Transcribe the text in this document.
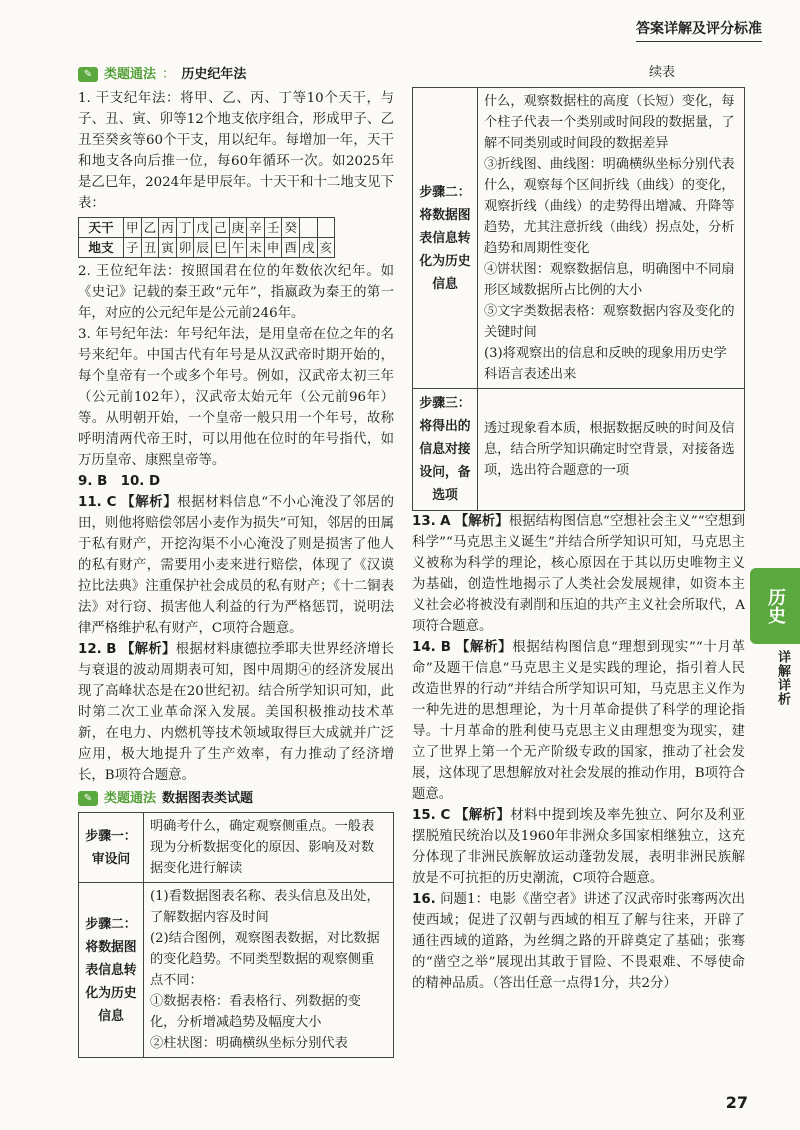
答案详解及评分标准
✎ 类题通法 ： 历史纪年法

1. 干支纪年法：将甲、乙、丙、丁等10个天干，与子、丑、寅、卯等12个地支依序组合，形成甲子、乙丑至癸亥等60个干支，用以纪年。每增加一年，天干和地支各向后推一位，每60年循环一次。如2025年是乙巳年，2024年是甲辰年。十天干和十二地支见下表：

天干	甲	乙	丙	丁	戊	己	庚	辛	壬	癸		
地支	子	丑	寅	卯	辰	巳	午	未	申	酉	戌	亥

2. 王位纪年法：按照国君在位的年数依次纪年。如《史记》记载的秦王政“元年”，指嬴政为秦王的第一年，对应的公元纪年是公元前246年。

3. 年号纪年法：年号纪年法，是用皇帝在位之年的名号来纪年。中国古代有年号是从汉武帝时期开始的，每个皇帝有一个或多个年号。例如，汉武帝太初三年（公元前102年），汉武帝太始元年（公元前96年）等。从明朝开始，一个皇帝一般只用一个年号，故称呼明清两代帝王时，可以用他在位时的年号指代，如万历皇帝、康熙皇帝等。

9. B　10. D

11. C 【解析】根据材料信息“不小心淹没了邻居的田，则他将赔偿邻居小麦作为损失”可知，邻居的田属于私有财产，开挖沟渠不小心淹没了则是损害了他人的私有财产，需要用小麦来进行赔偿，体现了《汉谟拉比法典》注重保护社会成员的私有财产；《十二铜表法》对行窃、损害他人利益的行为严格惩罚，说明法律严格维护私有财产，C项符合题意。

12. B 【解析】根据材料康德拉季耶夫世界经济增长与衰退的波动周期表可知，图中周期④的经济发展出现了高峰状态是在20世纪初。结合所学知识可知，此时第二次工业革命深入发展。美国积极推动技术革新，在电力、内燃机等技术领域取得巨大成就并广泛应用，极大地提升了生产效率，有力推动了经济增长，B项符合题意。

✎ 类题通法 数据图表类试题
步骤一：审设问	明确考什么，确定观察侧重点。一般表现为分析数据变化的原因、影响及对数据变化进行解读

步骤二：将数据图表信息转化为历史信息	(1)看数据图表名称、表头信息及出处，了解数据内容及时间
(2)结合图例，观察图表数据，对比数据的变化趋势。不同类型数据的观察侧重点不同：
①数据表格：看表格行、列数据的变化，分析增减趋势及幅度大小
②柱状图：明确横纵坐标分别代表
续表
步骤二：将数据图表信息转化为历史信息	什么，观察数据柱的高度（长短）变化，每个柱子代表一个类别或时间段的数据量，了解不同类别或时间段的数据差异
③折线图、曲线图：明确横纵坐标分别代表什么，观察每个区间折线（曲线）的变化，观察折线（曲线）的走势得出增减、升降等趋势，尤其注意折线（曲线）拐点处，分析趋势和周期性变化
④饼状图：观察数据信息，明确图中不同扇形区域数据所占比例的大小
⑤文字类数据表格：观察数据内容及变化的关键时间
(3)将观察出的信息和反映的现象用历史学科语言表述出来

步骤三：将得出的信息对接设问，备选项	透过现象看本质，根据数据反映的时间及信息，结合所学知识确定时空背景，对接备选项，选出符合题意的一项

13. A 【解析】根据结构图信息“空想社会主义”“空想到科学”“马克思主义诞生”并结合所学知识可知，马克思主义被称为科学的理论，核心原因在于其以历史唯物主义为基础，创造性地揭示了人类社会发展规律，如资本主义社会必将被没有剥削和压迫的共产主义社会所取代，A项符合题意。

14. B 【解析】根据结构图信息“理想到现实”“十月革命”及题干信息“马克思主义是实践的理论，指引着人民改造世界的行动”并结合所学知识可知，马克思主义作为一种先进的思想理论，为十月革命提供了科学的理论指导。十月革命的胜利使马克思主义由理想变为现实，建立了世界上第一个无产阶级专政的国家，推动了社会发展，这体现了思想解放对社会发展的推动作用，B项符合题意。

15. C 【解析】材料中提到埃及率先独立、阿尔及利亚摆脱殖民统治以及1960年非洲众多国家相继独立，这充分体现了非洲民族解放运动蓬勃发展，表明非洲民族解放是不可抗拒的历史潮流，C项符合题意。

16. 问题1：电影《凿空者》讲述了汉武帝时张骞两次出使西域；促进了汉朝与西域的相互了解与往来，开辟了通往西域的道路，为丝绸之路的开辟奠定了基础；张骞的“凿空之举”展现出其敢于冒险、不畏艰难、不辱使命的精神品质。（答出任意一点得1分，共2分）

历史
详解详析
27
